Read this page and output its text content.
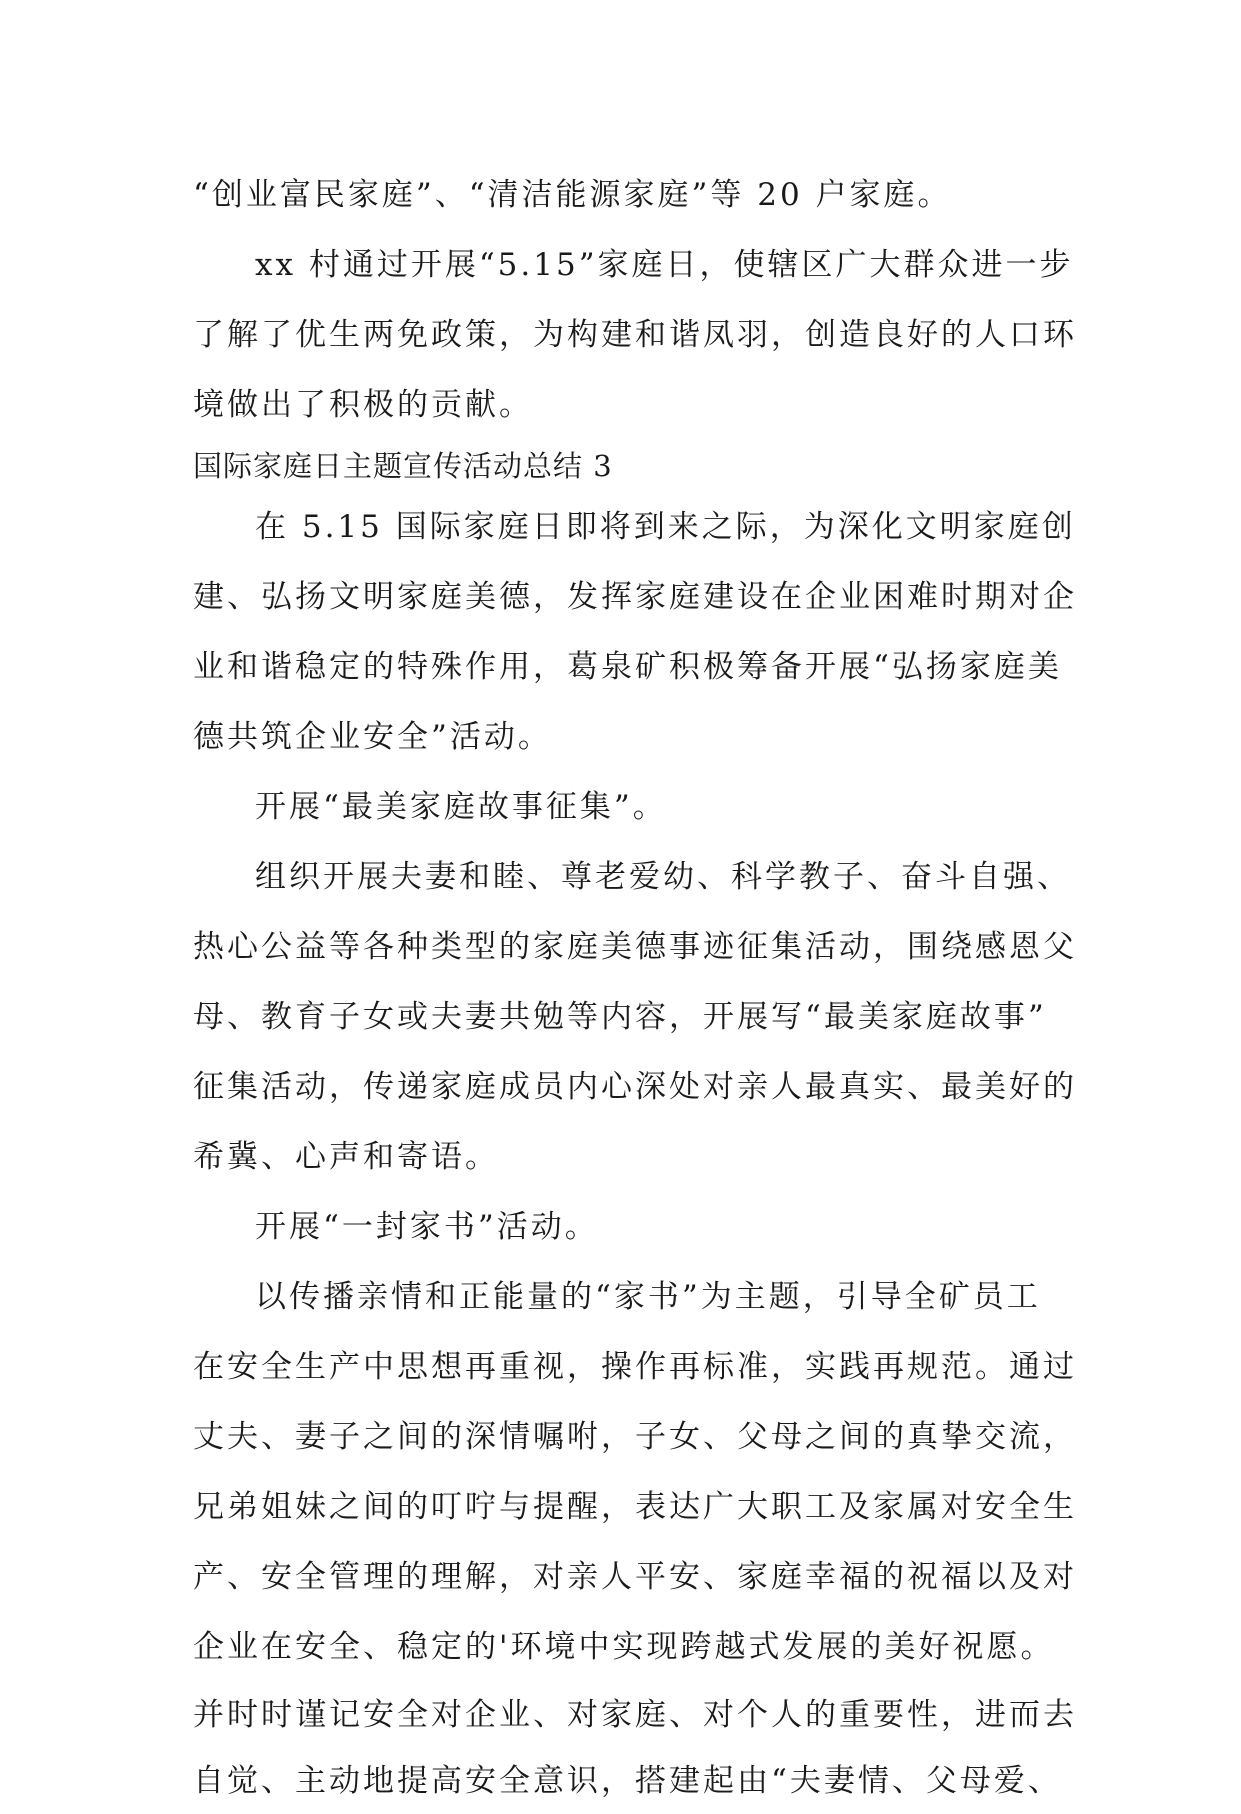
“创业富民家庭”、“清洁能源家庭”等 20 户家庭。

xx 村通过开展“5.15”家庭日，使辖区广大群众进一步

了解了优生两免政策，为构建和谐凤羽，创造良好的人口环

境做出了积极的贡献。

国际家庭日主题宣传活动总结 3

在 5.15 国际家庭日即将到来之际，为深化文明家庭创

建、弘扬文明家庭美德，发挥家庭建设在企业困难时期对企

业和谐稳定的特殊作用，葛泉矿积极筹备开展“弘扬家庭美

德共筑企业安全”活动。

开展“最美家庭故事征集”。

组织开展夫妻和睦、尊老爱幼、科学教子、奋斗自强、

热心公益等各种类型的家庭美德事迹征集活动，围绕感恩父

母、教育子女或夫妻共勉等内容，开展写“最美家庭故事”

征集活动，传递家庭成员内心深处对亲人最真实、最美好的

希冀、心声和寄语。

开展“一封家书”活动。

以传播亲情和正能量的“家书”为主题，引导全矿员工

在安全生产中思想再重视，操作再标准，实践再规范。通过

丈夫、妻子之间的深情嘱咐，子女、父母之间的真挚交流，

兄弟姐妹之间的叮咛与提醒，表达广大职工及家属对安全生

产、安全管理的理解，对亲人平安、家庭幸福的祝福以及对

企业在安全、稳定的'环境中实现跨越式发展的美好祝愿。

并时时谨记安全对企业、对家庭、对个人的重要性，进而去

自觉、主动地提高安全意识，搭建起由“夫妻情、父母爱、
